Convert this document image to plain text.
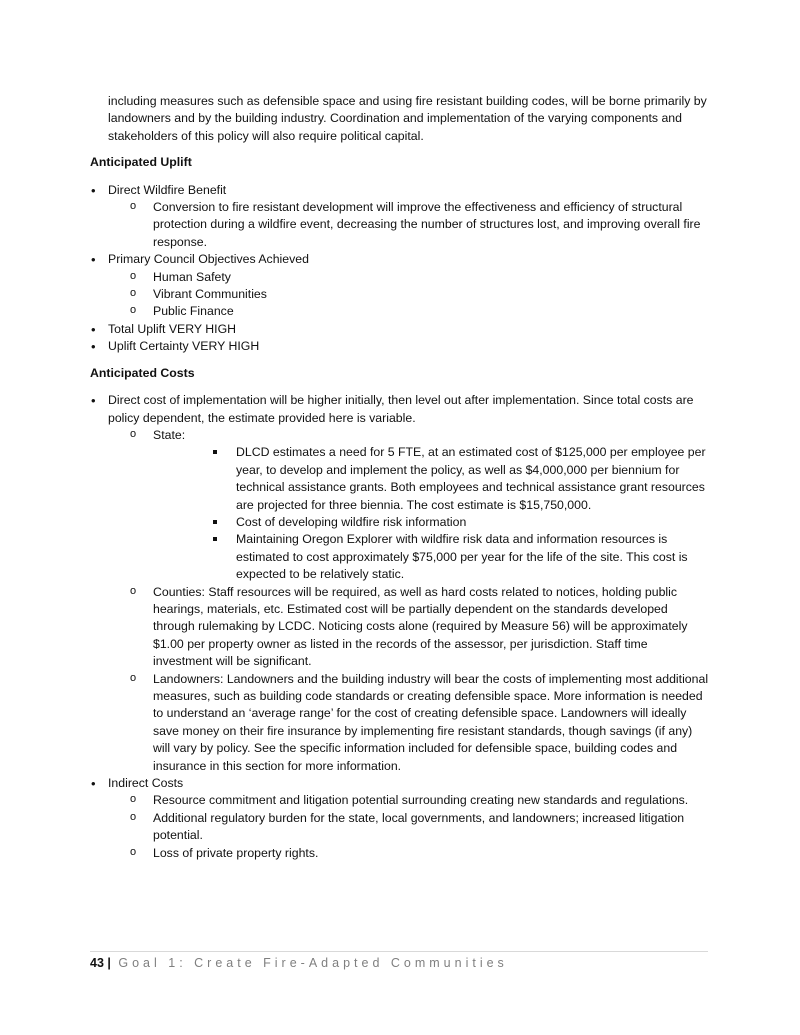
including measures such as defensible space and using fire resistant building codes, will be borne primarily by landowners and by the building industry. Coordination and implementation of the varying components and stakeholders of this policy will also require political capital.

Anticipated Uplift

• Direct Wildfire Benefit
o Conversion to fire resistant development will improve the effectiveness and efficiency of structural protection during a wildfire event, decreasing the number of structures lost, and improving overall fire response.
• Primary Council Objectives Achieved
o Human Safety
o Vibrant Communities
o Public Finance
• Total Uplift VERY HIGH
• Uplift Certainty VERY HIGH

Anticipated Costs

• Direct cost of implementation will be higher initially, then level out after implementation. Since total costs are policy dependent, the estimate provided here is variable.
o State:
DLCD estimates a need for 5 FTE, at an estimated cost of $125,000 per employee per year, to develop and implement the policy, as well as $4,000,000 per biennium for technical assistance grants. Both employees and technical assistance grant resources are projected for three biennia. The cost estimate is $15,750,000.
Cost of developing wildfire risk information
Maintaining Oregon Explorer with wildfire risk data and information resources is estimated to cost approximately $75,000 per year for the life of the site. This cost is expected to be relatively static.
o Counties: Staff resources will be required, as well as hard costs related to notices, holding public hearings, materials, etc. Estimated cost will be partially dependent on the standards developed through rulemaking by LCDC. Noticing costs alone (required by Measure 56) will be approximately $1.00 per property owner as listed in the records of the assessor, per jurisdiction. Staff time investment will be significant.
o Landowners: Landowners and the building industry will bear the costs of implementing most additional measures, such as building code standards or creating defensible space. More information is needed to understand an ‘average range’ for the cost of creating defensible space. Landowners will ideally save money on their fire insurance by implementing fire resistant standards, though savings (if any) will vary by policy. See the specific information included for defensible space, building codes and insurance in this section for more information.
• Indirect Costs
o Resource commitment and litigation potential surrounding creating new standards and regulations.
o Additional regulatory burden for the state, local governments, and landowners; increased litigation potential.
o Loss of private property rights.
43 | Goal 1: Create Fire-Adapted Communities
